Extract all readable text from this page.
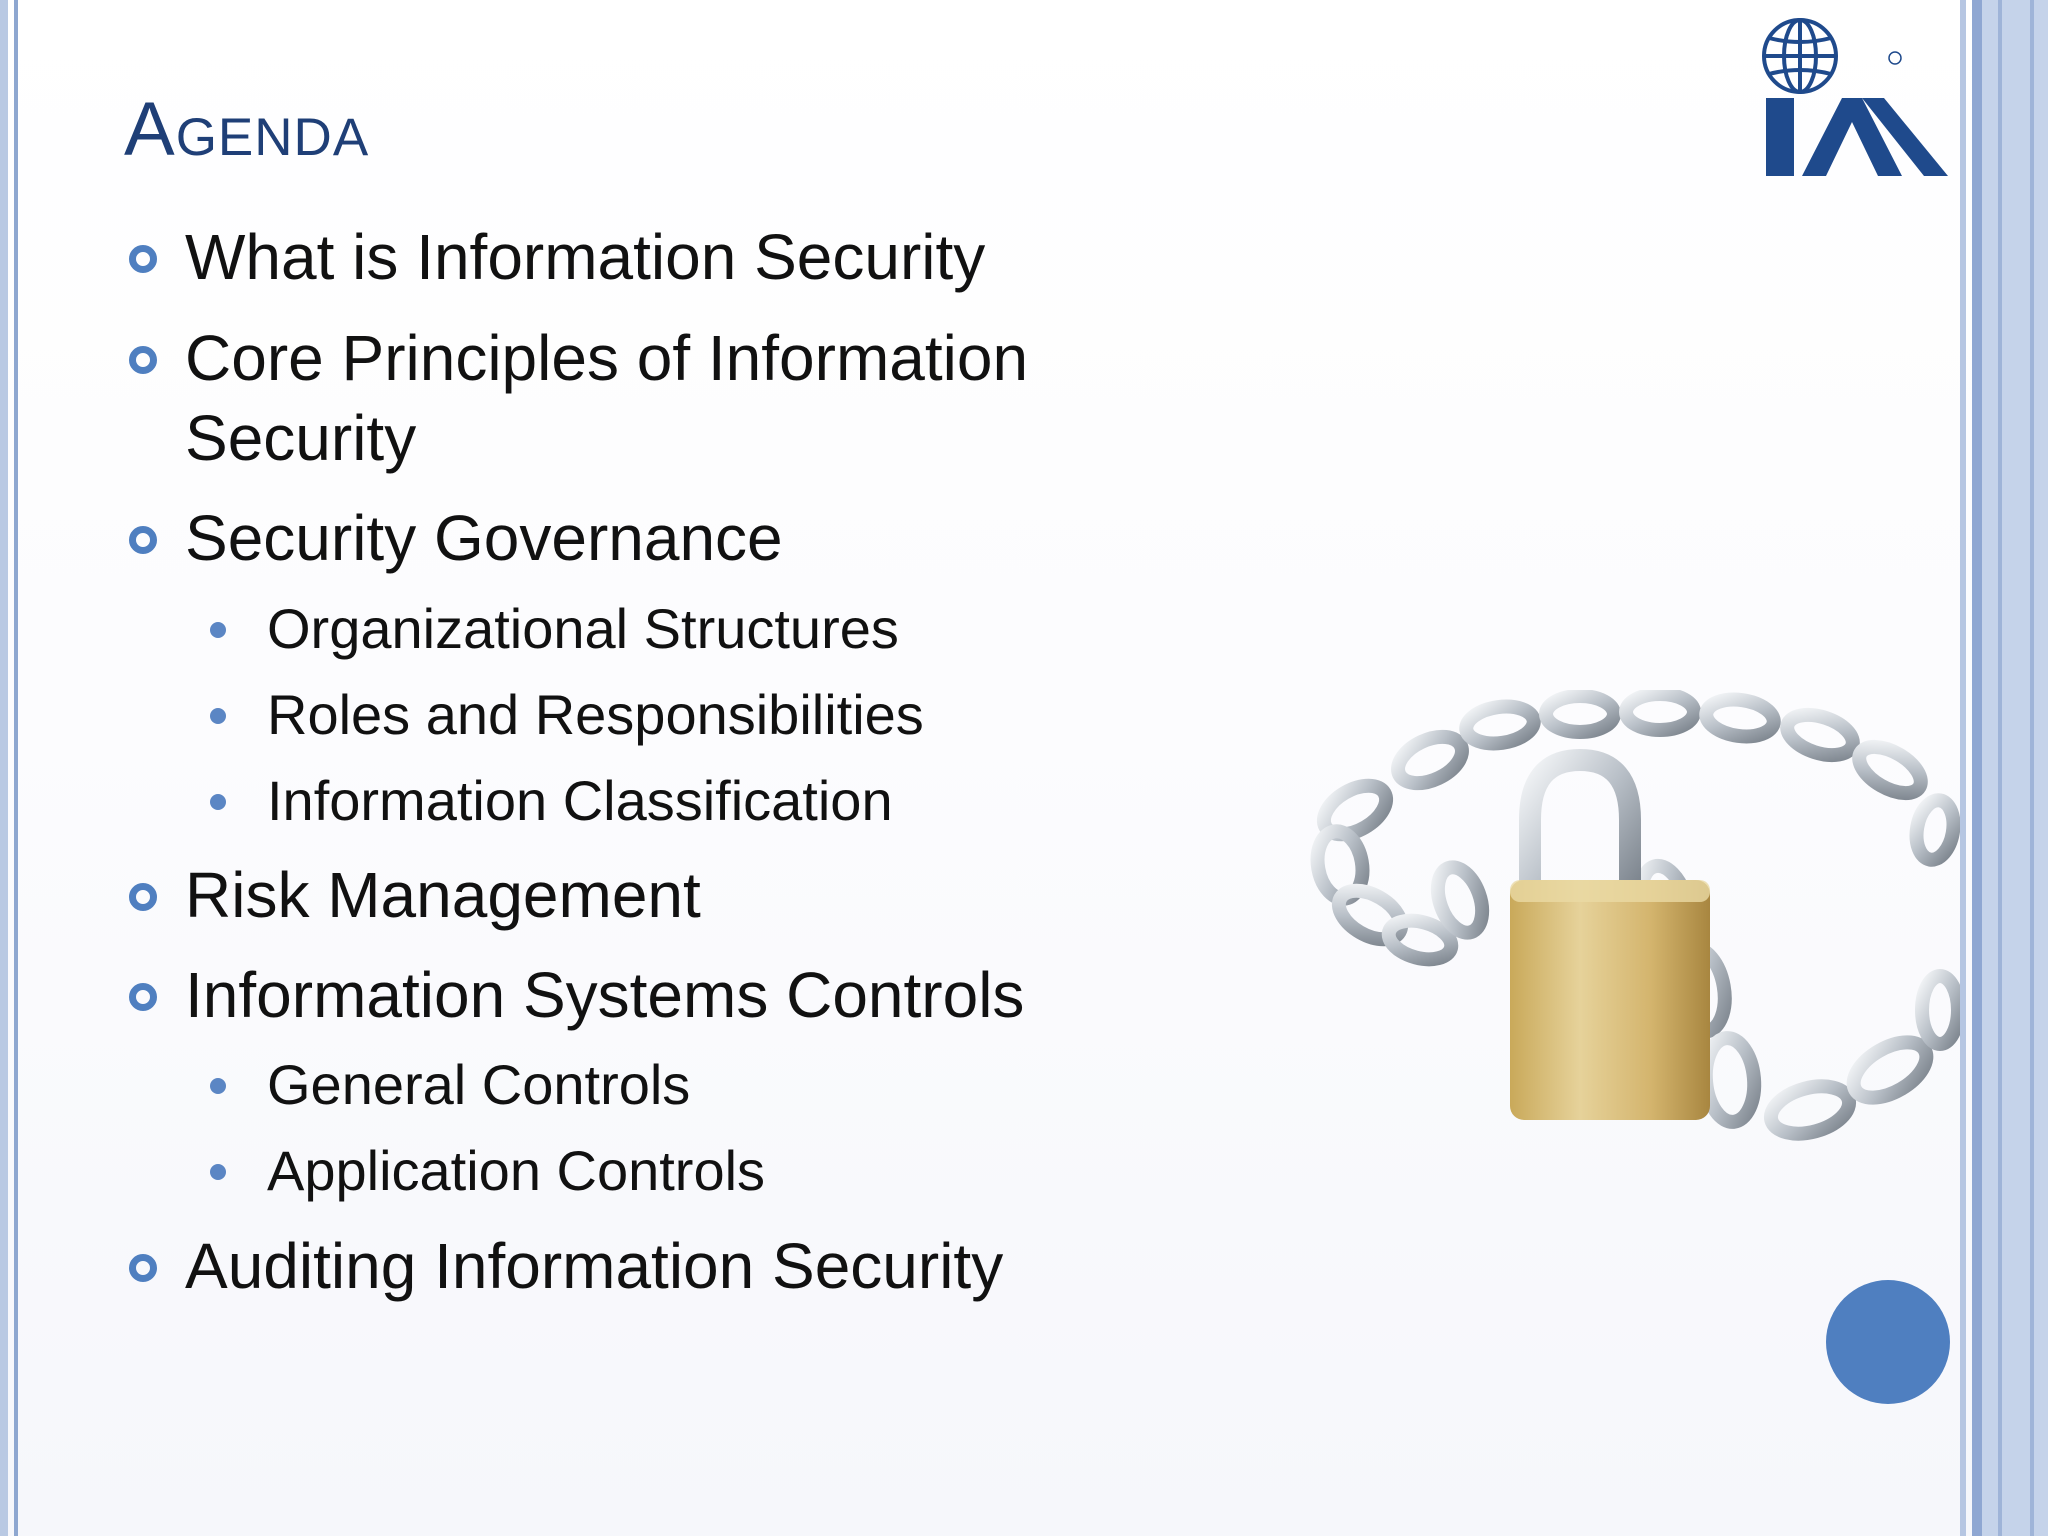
Agenda
What is Information Security
Core Principles of Information
Security
Security Governance
Organizational Structures
Roles and Responsibilities
Information Classification
Risk Management
Information Systems Controls
General Controls
Application Controls
Auditing Information Security
